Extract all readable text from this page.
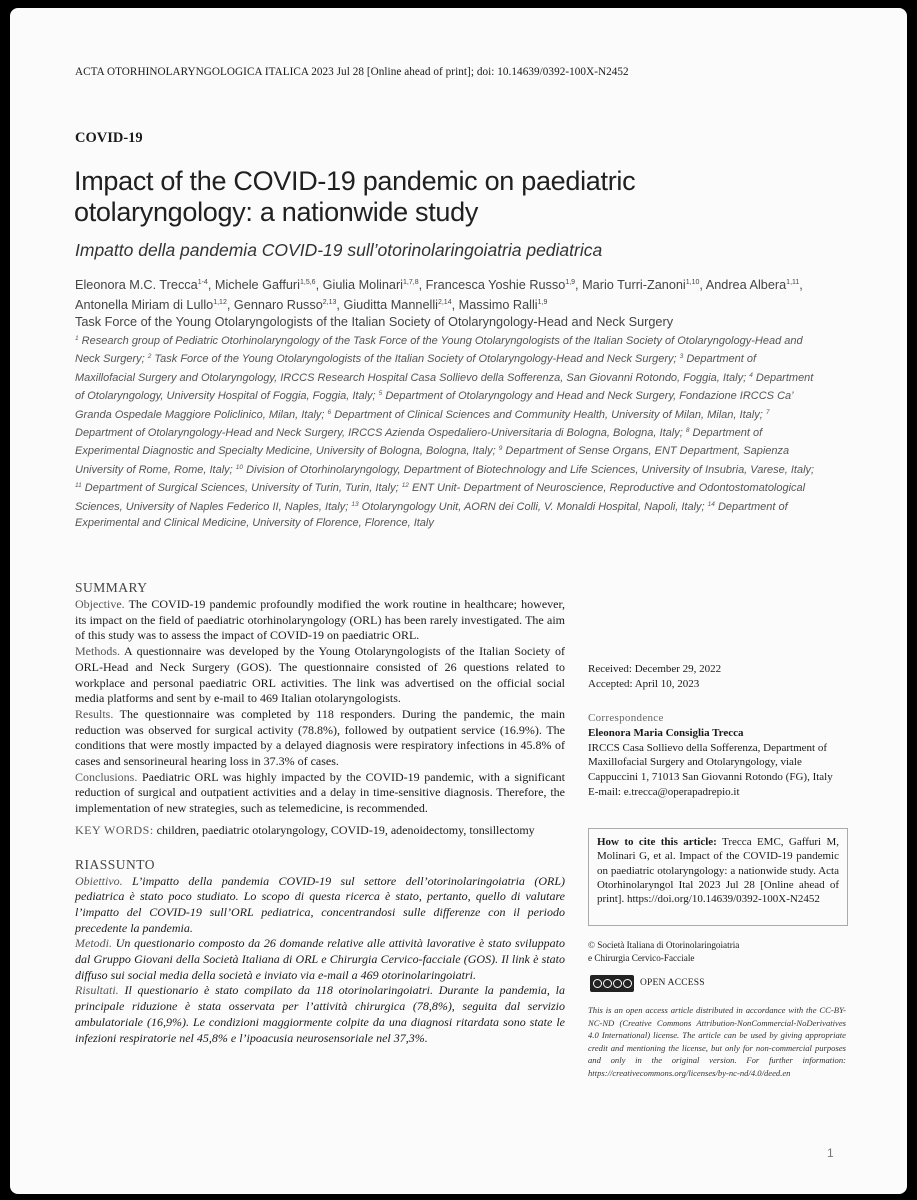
ACTA OTORHINOLARYNGOLOGICA ITALICA 2023 Jul 28 [Online ahead of print]; doi: 10.14639/0392-100X-N2452
COVID-19
Impact of the COVID-19 pandemic on paediatric otolaryngology: a nationwide study
Impatto della pandemia COVID-19 sull’otorinolaringoiatria pediatrica
Eleonora M.C. Trecca$^{1-4}$, Michele Gaffuri$^{1,5,6}$, Giulia Molinari$^{1,7,8}$, Francesca Yoshie Russo$^{1,9}$, Mario Turri-Zanoni$^{1,10}$, Andrea Albera$^{1,11}$, Antonella Miriam di Lullo$^{1,12}$, Gennaro Russo$^{2,13}$, Giuditta Mannelli$^{2,14}$, Massimo Ralli$^{1,9}$
Task Force of the Young Otolaryngologists of the Italian Society of Otolaryngology-Head and Neck Surgery
$^1$ Research group of Pediatric Otorhinolaryngology of the Task Force of the Young Otolaryngologists of the Italian Society of Otolaryngology-Head and Neck Surgery; $^2$ Task Force of the Young Otolaryngologists of the Italian Society of Otolaryngology-Head and Neck Surgery; $^3$ Department of Maxillofacial Surgery and Otolaryngology, IRCCS Research Hospital Casa Sollievo della Sofferenza, San Giovanni Rotondo, Foggia, Italy; $^4$ Department of Otolaryngology, University Hospital of Foggia, Foggia, Italy; $^5$ Department of Otolaryngology and Head and Neck Surgery, Fondazione IRCCS Ca’ Granda Ospedale Maggiore Policlinico, Milan, Italy; $^6$ Department of Clinical Sciences and Community Health, University of Milan, Milan, Italy; $^7$ Department of Otolaryngology-Head and Neck Surgery, IRCCS Azienda Ospedaliero-Universitaria di Bologna, Bologna, Italy; $^8$ Department of Experimental Diagnostic and Specialty Medicine, University of Bologna, Bologna, Italy; $^9$ Department of Sense Organs, ENT Department, Sapienza University of Rome, Rome, Italy; $^{10}$ Division of Otorhinolaryngology, Department of Biotechnology and Life Sciences, University of Insubria, Varese, Italy; $^{11}$ Department of Surgical Sciences, University of Turin, Turin, Italy; $^{12}$ ENT Unit- Department of Neuroscience, Reproductive and Odontostomatological Sciences, University of Naples Federico II, Naples, Italy; $^{13}$ Otolaryngology Unit, AORN dei Colli, V. Monaldi Hospital, Napoli, Italy; $^{14}$ Department of Experimental and Clinical Medicine, University of Florence, Florence, Italy
SUMMARY
Objective. The COVID-19 pandemic profoundly modified the work routine in healthcare; however, its impact on the field of paediatric otorhinolaryngology (ORL) has been rarely investigated. The aim of this study was to assess the impact of COVID-19 on paediatric ORL.
Methods. A questionnaire was developed by the Young Otolaryngologists of the Italian Society of ORL-Head and Neck Surgery (GOS). The questionnaire consisted of 26 questions related to workplace and personal paediatric ORL activities. The link was advertised on the official social media platforms and sent by e-mail to 469 Italian otolaryngologists.
Results. The questionnaire was completed by 118 responders. During the pandemic, the main reduction was observed for surgical activity (78.8%), followed by outpatient service (16.9%). The conditions that were mostly impacted by a delayed diagnosis were respiratory infections in 45.8% of cases and sensorineural hearing loss in 37.3% of cases.
Conclusions. Paediatric ORL was highly impacted by the COVID-19 pandemic, with a significant reduction of surgical and outpatient activities and a delay in time-sensitive diagnosis. Therefore, the implementation of new strategies, such as telemedicine, is recommended.
KEY WORDS: children, paediatric otolaryngology, COVID-19, adenoidectomy, tonsillectomy
RIASSUNTO
Obiettivo. L’impatto della pandemia COVID-19 sul settore dell’otorinolaringoiatria (ORL) pediatrica è stato poco studiato. Lo scopo di questa ricerca è stato, pertanto, quello di valutare l’impatto del COVID-19 sull’ORL pediatrica, concentrandosi sulle differenze con il periodo precedente la pandemia.
Metodi. Un questionario composto da 26 domande relative alle attività lavorative è stato sviluppato dal Gruppo Giovani della Società Italiana di ORL e Chirurgia Cervico-facciale (GOS). Il link è stato diffuso sui social media della società e inviato via e-mail a 469 otorinolaringoiatri.
Risultati. Il questionario è stato compilato da 118 otorinolaringoiatri. Durante la pandemia, la principale riduzione è stata osservata per l’attività chirurgica (78,8%), seguita dal servizio ambulatoriale (16,9%). Le condizioni maggiormente colpite da una diagnosi ritardata sono state le infezioni respiratorie nel 45,8% e l’ipoacusia neurosensoriale nel 37,3%.
Received: December 29, 2022
Accepted: April 10, 2023
Correspondence
Eleonora Maria Consiglia Trecca
IRCCS Casa Sollievo della Sofferenza, Department of Maxillofacial Surgery and Otolaryngology, viale Cappuccini 1, 71013 San Giovanni Rotondo (FG), Italy
E-mail: e.trecca@operapadrepio.it
How to cite this article: Trecca EMC, Gaffuri M, Molinari G, et al. Impact of the COVID-19 pandemic on paediatric otolaryngology: a nationwide study. Acta Otorhinolaryngol Ital 2023 Jul 28 [Online ahead of print]. https://doi.org/10.14639/0392-100X-N2452
© Società Italiana di Otorinolaringoiatria
e Chirurgia Cervico-Facciale
OPEN ACCESS
This is an open access article distributed in accordance with the CC-BY-NC-ND (Creative Commons Attribution-NonCommercial-NoDerivatives 4.0 International) license. The article can be used by giving appropriate credit and mentioning the license, but only for non-commercial purposes and only in the original version. For further information: https://creativecommons.org/licenses/by-nc-nd/4.0/deed.en
1
